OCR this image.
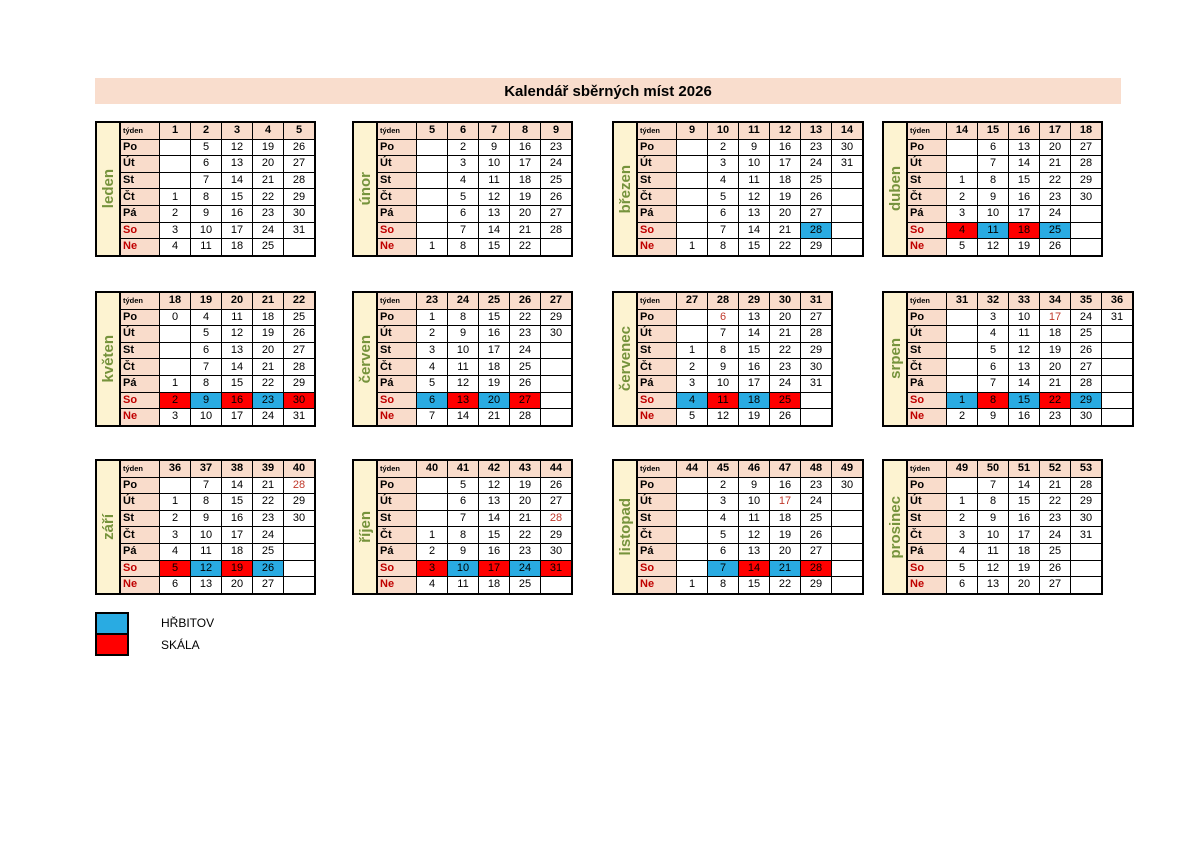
Kalendář sběrných míst 2026
leden
týden	1	2	3	4	5
Po		5	12	19	26
Út		6	13	20	27
St		7	14	21	28
Čt	1	8	15	22	29
Pá	2	9	16	23	30
So	3	10	17	24	31
Ne	4	11	18	25	
únor
týden	5	6	7	8	9
Po		2	9	16	23
Út		3	10	17	24
St		4	11	18	25
Čt		5	12	19	26
Pá		6	13	20	27
So		7	14	21	28
Ne	1	8	15	22	
březen
týden	9	10	11	12	13	14
Po		2	9	16	23	30
Út		3	10	17	24	31
St		4	11	18	25	
Čt		5	12	19	26	
Pá		6	13	20	27	
So		7	14	21	28	
Ne	1	8	15	22	29	
duben
týden	14	15	16	17	18
Po		6	13	20	27
Út		7	14	21	28
St	1	8	15	22	29
Čt	2	9	16	23	30
Pá	3	10	17	24	
So	4	11	18	25	
Ne	5	12	19	26	
květen
týden	18	19	20	21	22
Po	0	4	11	18	25
Út		5	12	19	26
St		6	13	20	27
Čt		7	14	21	28
Pá	1	8	15	22	29
So	2	9	16	23	30
Ne	3	10	17	24	31
červen
týden	23	24	25	26	27
Po	1	8	15	22	29
Út	2	9	16	23	30
St	3	10	17	24	
Čt	4	11	18	25	
Pá	5	12	19	26	
So	6	13	20	27	
Ne	7	14	21	28	
červenec
týden	27	28	29	30	31
Po		6	13	20	27
Út		7	14	21	28
St	1	8	15	22	29
Čt	2	9	16	23	30
Pá	3	10	17	24	31
So	4	11	18	25	
Ne	5	12	19	26	
srpen
týden	31	32	33	34	35	36
Po		3	10	17	24	31
Út		4	11	18	25	
St		5	12	19	26	
Čt		6	13	20	27	
Pá		7	14	21	28	
So	1	8	15	22	29	
Ne	2	9	16	23	30	
září
týden	36	37	38	39	40
Po		7	14	21	28
Út	1	8	15	22	29
St	2	9	16	23	30
Čt	3	10	17	24	
Pá	4	11	18	25	
So	5	12	19	26	
Ne	6	13	20	27	
říjen
týden	40	41	42	43	44
Po		5	12	19	26
Út		6	13	20	27
St		7	14	21	28
Čt	1	8	15	22	29
Pá	2	9	16	23	30
So	3	10	17	24	31
Ne	4	11	18	25	
listopad
týden	44	45	46	47	48	49
Po		2	9	16	23	30
Út		3	10	17	24	
St		4	11	18	25	
Čt		5	12	19	26	
Pá		6	13	20	27	
So		7	14	21	28	
Ne	1	8	15	22	29	
prosinec
týden	49	50	51	52	53
Po		7	14	21	28
Út	1	8	15	22	29
St	2	9	16	23	30
Čt	3	10	17	24	31
Pá	4	11	18	25	
So	5	12	19	26	
Ne	6	13	20	27	
HŘBITOV
SKÁLA
